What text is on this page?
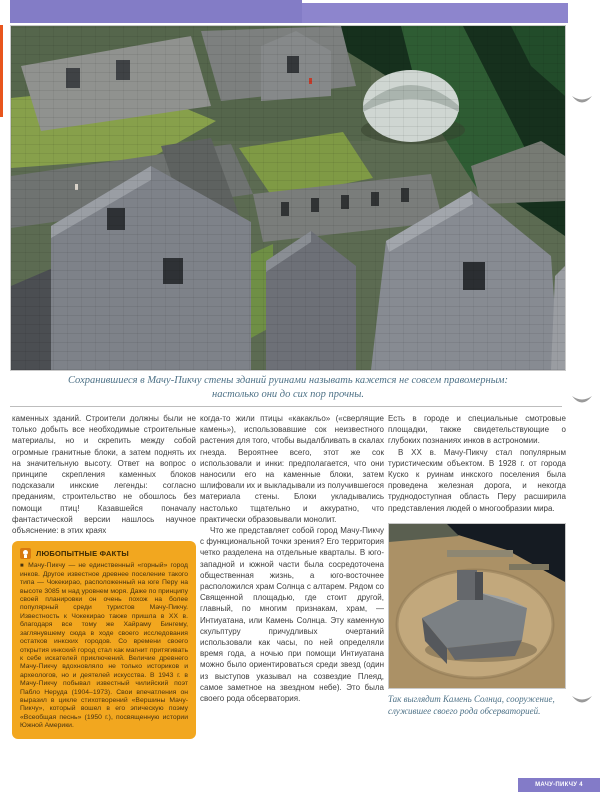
Сохранившиеся в Мачу-Пикчу стены зданий руинами называть кажется не совсем правомерным:
настолько они до сих пор прочны.

каменных зданий. Строители должны были не только добыть все необходимые строительные материалы, но и скрепить между собой огромные гранитные блоки, а затем поднять их на значительную высоту. Ответ на вопрос о принципе скрепления каменных блоков подсказали инкские легенды: согласно преданиям, строительство не обошлось без помощи птиц! Казавшейся поначалу фантастической версии нашлось научное объяснение: в этих краях

ЛЮБОПЫТНЫЕ ФАКТЫ
■ Мачу-Пикчу — не единственный «горный» город инков. Другое известное древнее поселение такого типа — Чокекирао, расположенный на юге Перу на высоте 3085 м над уровнем моря. Даже по принципу своей планировки он очень похож на более популярный среди туристов Мачу-Пикчу. Известность к Чокекирао также пришла в XX в. благодаря все тому же Хайраму Бингему, заглянувшему сюда в ходе своего исследования остатков инкских городов. Со времени своего открытия инкский город стал как магнит притягивать к себе искателей приключений. Величие древнего Мачу-Пикчу вдохновляло не только историков и археологов, но и деятелей искусства. В 1943 г. в Мачу-Пикчу побывал известный чилийский поэт Пабло Неруда (1904–1973). Свои впечатления он выразил в цикле стихотворений «Вершины Мачу-Пикчу», который вошел в его эпическую поэму «Всеобщая песнь» (1950 г.), посвященную истории Южной Америки.

когда-то жили птицы «какакльо» («сверлящие камень»), использовавшие сок неизвестного растения для того, чтобы выдалбливать в скалах гнезда. Вероятнее всего, этот же сок использовали и инки: предполагается, что они наносили его на каменные блоки, затем шлифовали их и выкладывали из получившегося материала стены. Блоки укладывались настолько тщательно и аккуратно, что практически образовывали монолит.

Что же представляет собой город Мачу-Пикчу с функциональной точки зрения? Его территория четко разделена на отдельные кварталы. В юго-западной и южной части была сосредоточена общественная жизнь, а юго-восточнее расположился храм Солнца с алтарем. Рядом со Священной площадью, где стоит другой, главный, по многим признакам, храм, — Интиуатана, или Камень Солнца. Эту каменную скульптуру причудливых очертаний использовали как часы, по ней определяли время года, а ночью при помощи Интиуатана можно было ориентироваться среди звезд (один из выступов указывал на созвездие Плеяд, самое заметное на звездном небе). Это была своего рода обсерватория.

Есть в городе и специальные смотровые площадки, также свидетельствующие о глубоких познаниях инков в астрономии.

В XX в. Мачу-Пикчу стал популярным туристическим объектом. В 1928 г. от города Куско к руинам инкского поселения была проведена железная дорога, и некогда труднодоступная область Перу расширила представления людей о многообразии мира.

Так выглядит Камень Солнца, сооружение, служившее своего рода обсерваторией.
МАЧУ-ПИКЧУ 4
